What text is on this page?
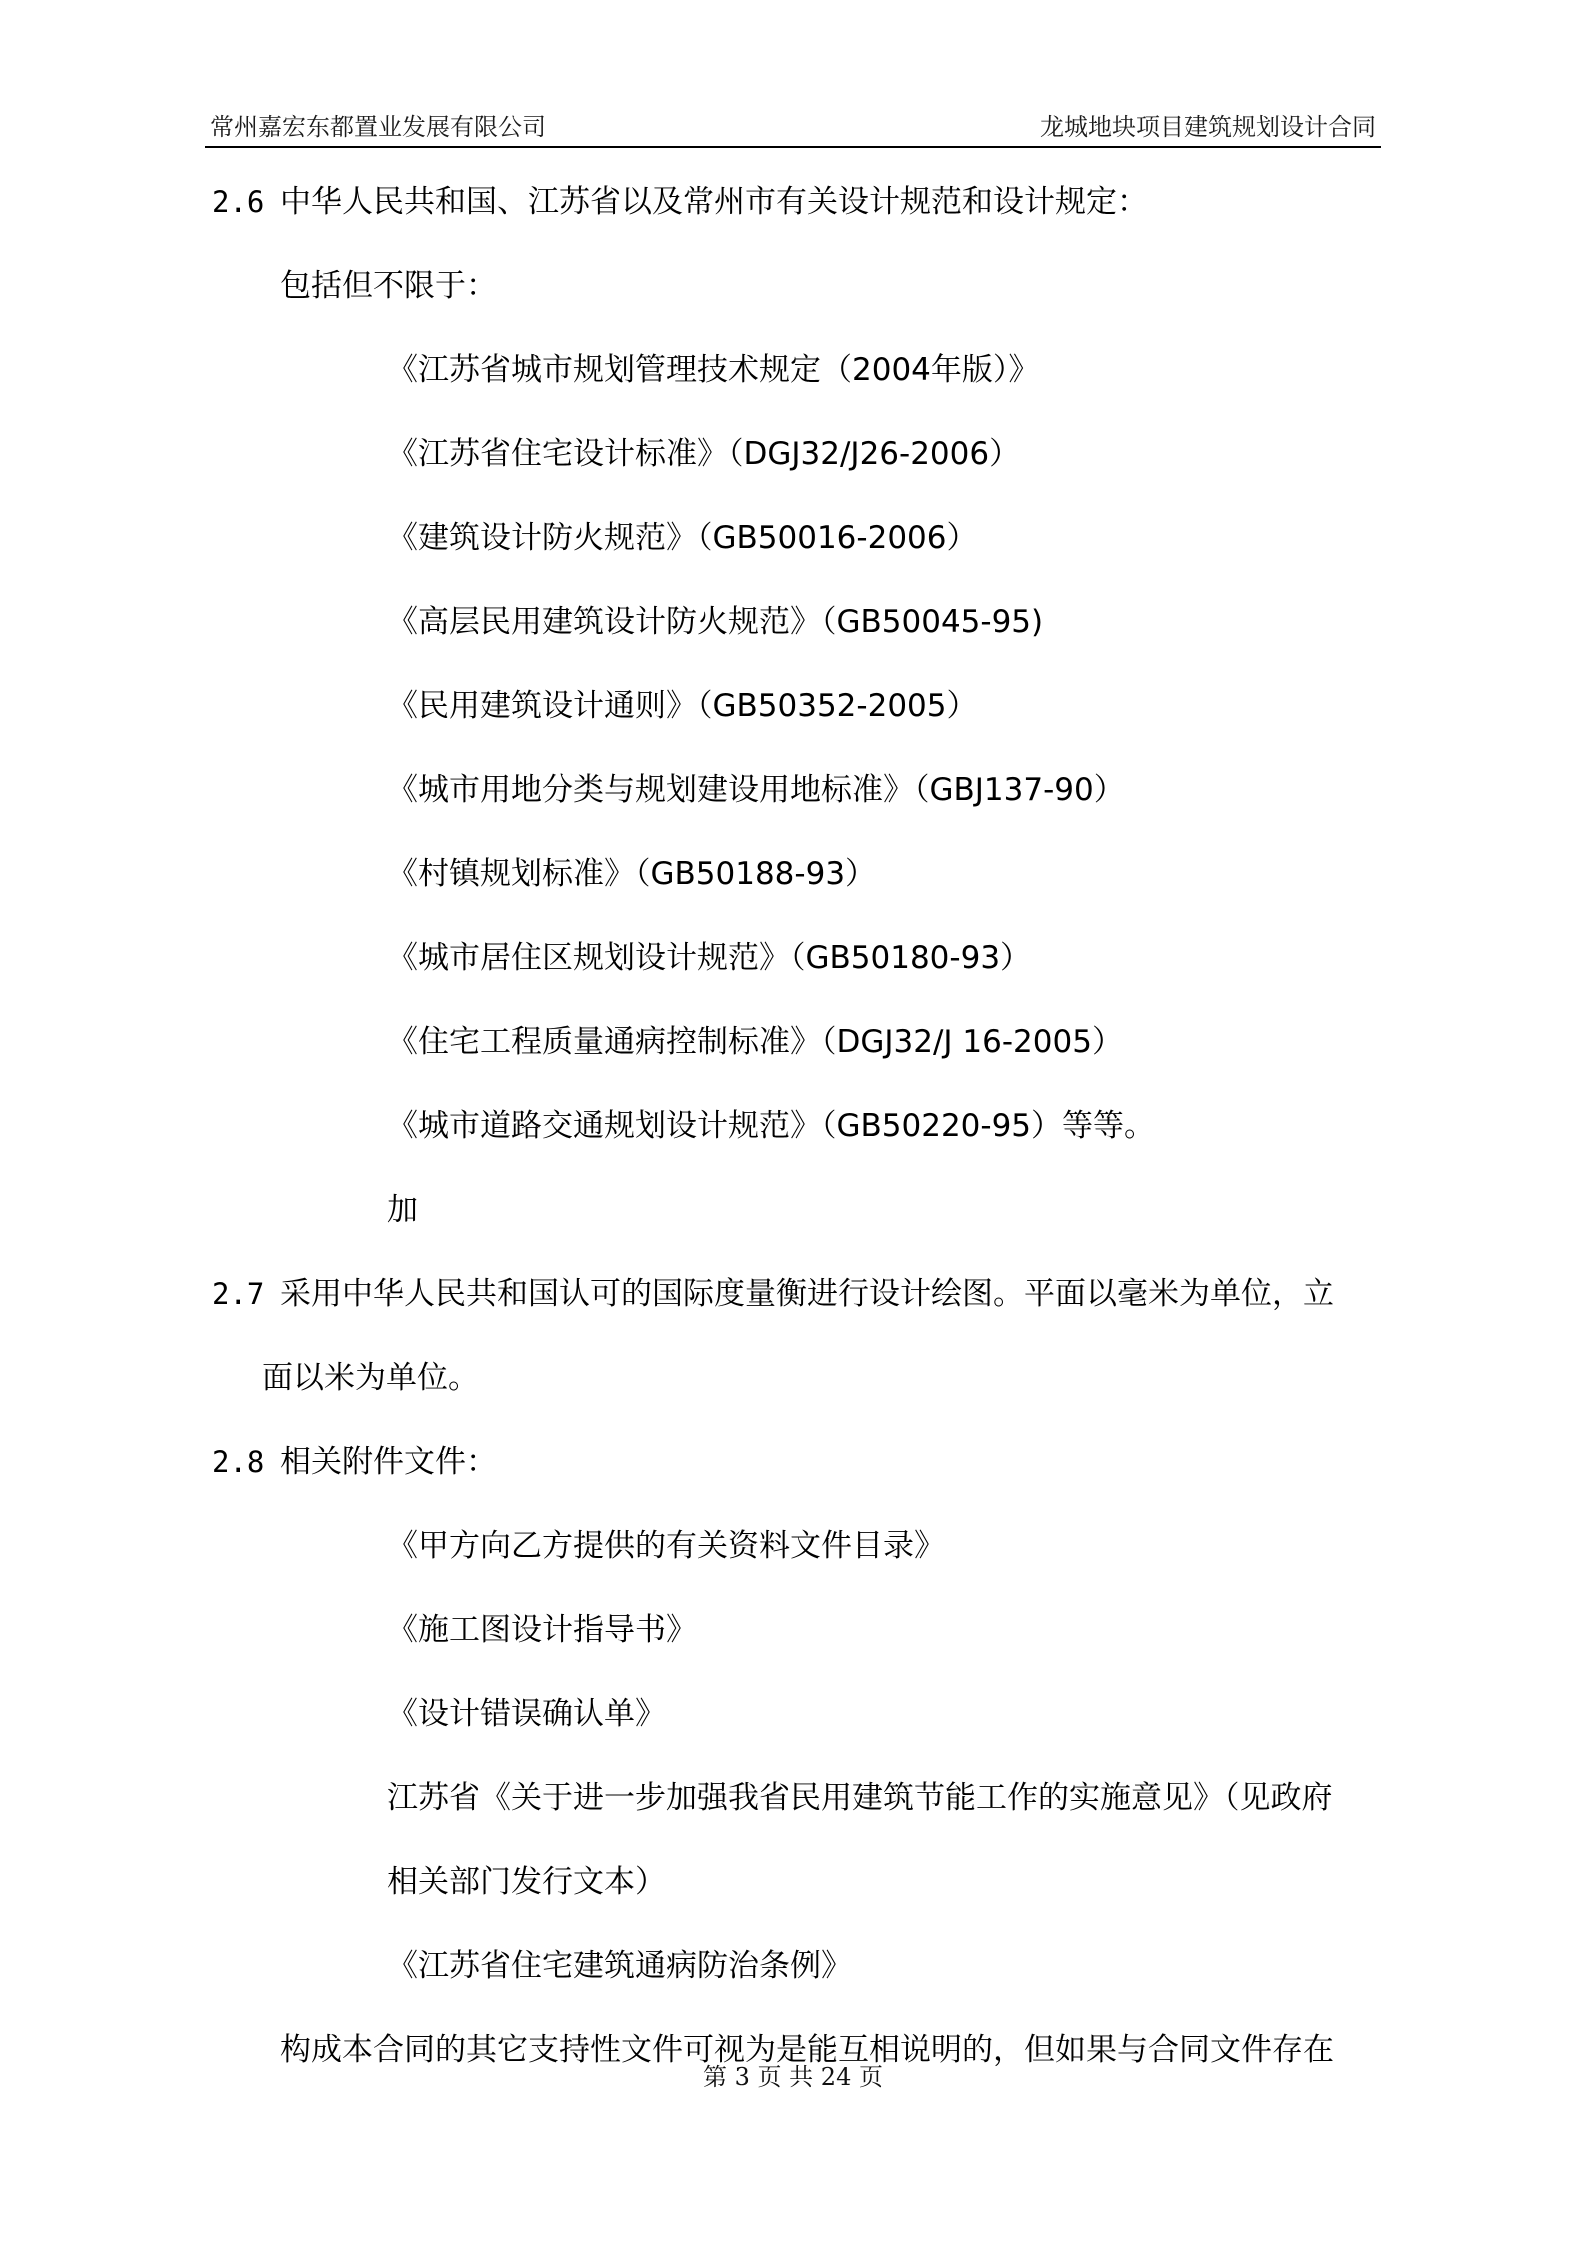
常州嘉宏东都置业发展有限公司	龙城地块项目建筑规划设计合同
2.6 中华人民共和国、江苏省以及常州市有关设计规范和设计规定：
包括但不限于：
《江苏省城市规划管理技术规定（2004年版）》
《江苏省住宅设计标准》（DGJ32/J26-2006）
《建筑设计防火规范》（GB50016-2006）
《高层民用建筑设计防火规范》（GB50045-95)
《民用建筑设计通则》（GB50352-2005）
《城市用地分类与规划建设用地标准》（GBJ137-90）
《村镇规划标准》（GB50188-93）
《城市居住区规划设计规范》（GB50180-93）
《住宅工程质量通病控制标准》（DGJ32/J 16-2005）
《城市道路交通规划设计规范》（GB50220-95）等等。
加
2.7 采用中华人民共和国认可的国际度量衡进行设计绘图。平面以毫米为单位，立
面以米为单位。
2.8 相关附件文件：
《甲方向乙方提供的有关资料文件目录》
《施工图设计指导书》
《设计错误确认单》
江苏省《关于进一步加强我省民用建筑节能工作的实施意见》（见政府
相关部门发行文本）
《江苏省住宅建筑通病防治条例》
构成本合同的其它支持性文件可视为是能互相说明的，但如果与合同文件存在
第 3 页 共 24 页
